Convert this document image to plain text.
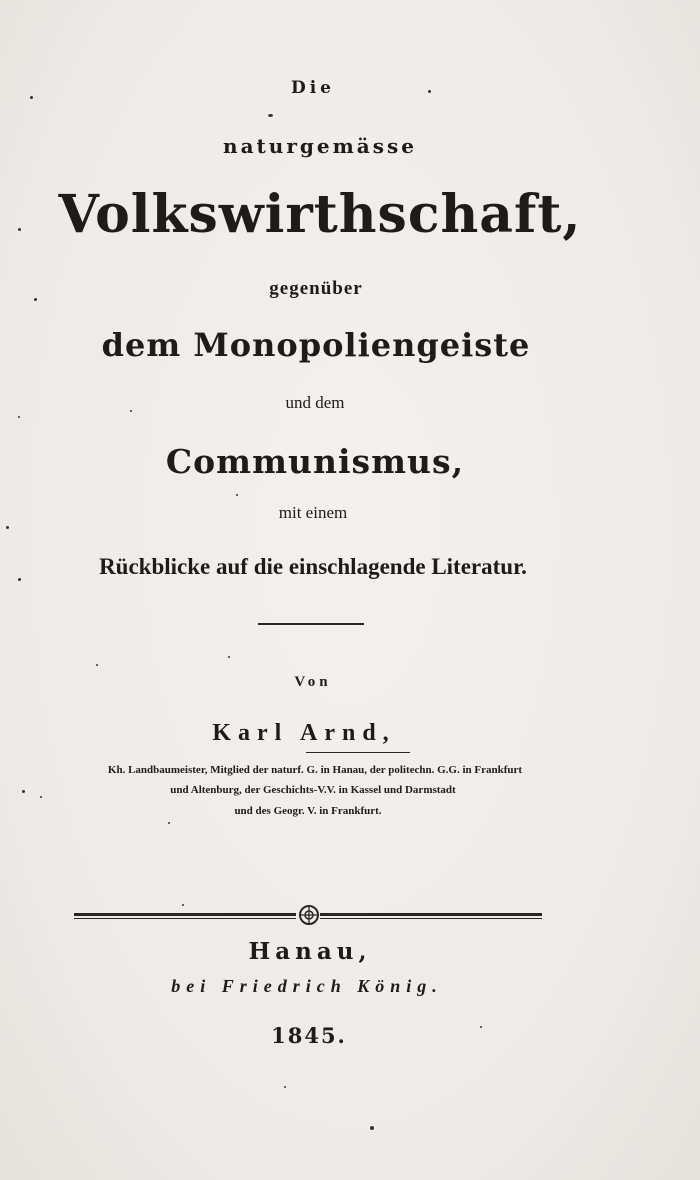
Die
naturgemässe
Volkswirthschaft,
gegenüber
dem Monopoliengeiste
und dem
Communismus,
mit einem
Rückblicke auf die einschlagende Literatur.
Von
Karl Arnd,
Kh. Landbaumeister, Mitglied der naturf. G. in Hanau, der politechn. G.G. in Frankfurt
und Altenburg, der Geschichts-V.V. in Kassel und Darmstadt
und des Geogr. V. in Frankfurt.
Hanau,
bei Friedrich König.
1845.
